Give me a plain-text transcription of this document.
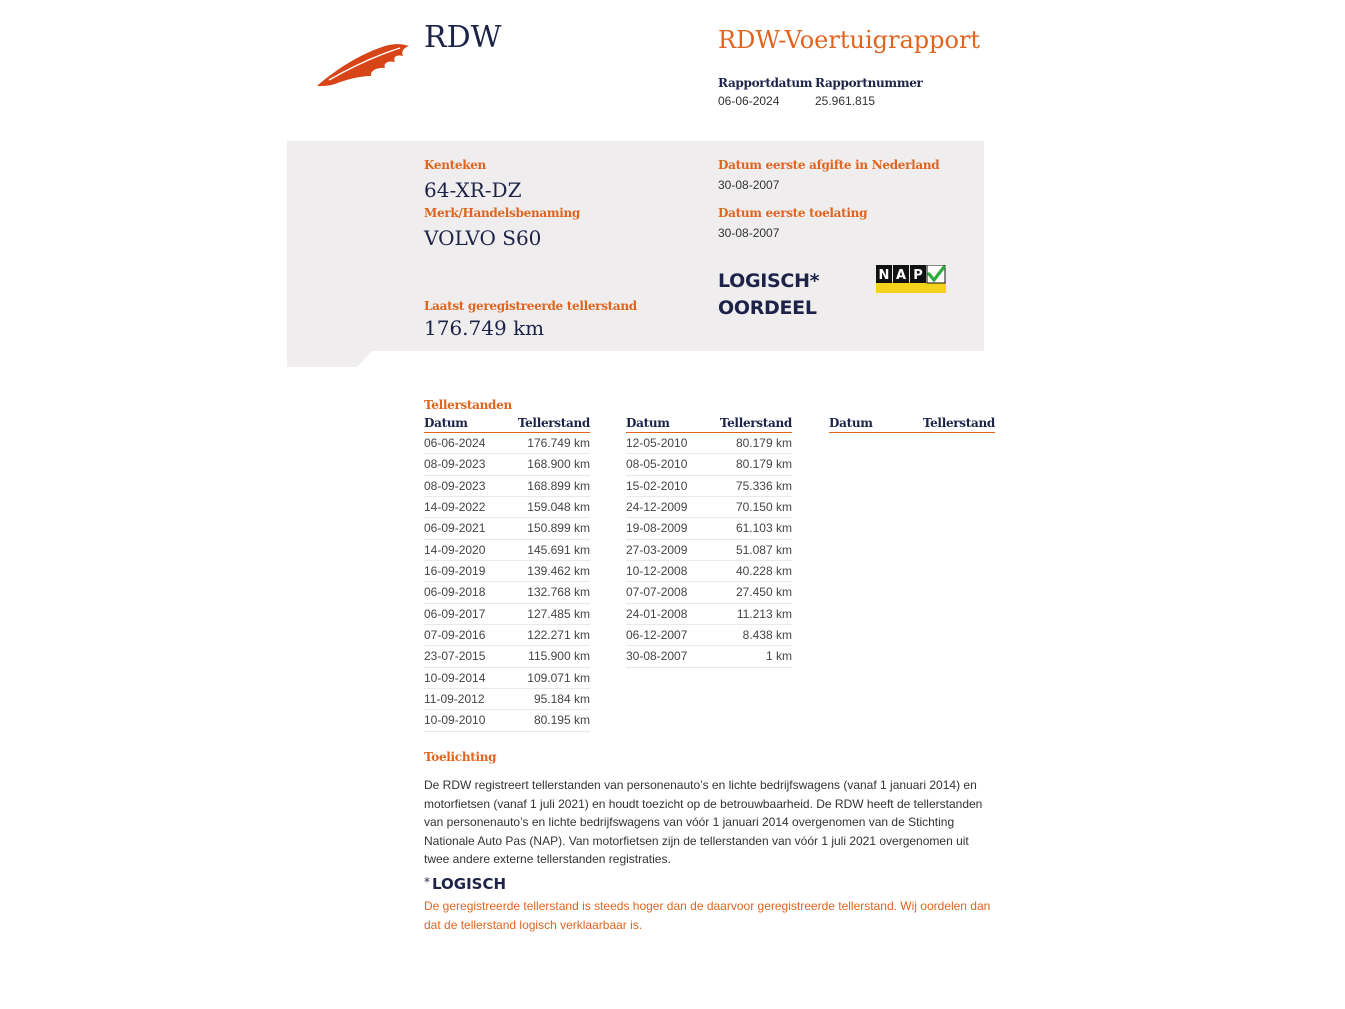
RDW	RDW-Voertuigrapport
Rapportdatum
06-06-2024
Rapportnummer
25.961.815
Kenteken
64-XR-DZ
Merk/Handelsbenaming
VOLVO S60
Laatst geregistreerde tellerstand
176.749 km
Datum eerste afgifte in Nederland
30-08-2007
Datum eerste toelating
30-08-2007
LOGISCH*
OORDEEL
N A P
Tellerstanden
Datum	Tellerstand
06-06-2024	176.749 km
08-09-2023	168.900 km
08-09-2023	168.899 km
14-09-2022	159.048 km
06-09-2021	150.899 km
14-09-2020	145.691 km
16-09-2019	139.462 km
06-09-2018	132.768 km
06-09-2017	127.485 km
07-09-2016	122.271 km
23-07-2015	115.900 km
10-09-2014	109.071 km
11-09-2012	95.184 km
10-09-2010	80.195 km
Datum	Tellerstand
12-05-2010	80.179 km
08-05-2010	80.179 km
15-02-2010	75.336 km
24-12-2009	70.150 km
19-08-2009	61.103 km
27-03-2009	51.087 km
10-12-2008	40.228 km
07-07-2008	27.450 km
24-01-2008	11.213 km
06-12-2007	8.438 km
30-08-2007	1 km
Datum	Tellerstand
Toelichting
De RDW registreert tellerstanden van personenauto’s en lichte bedrijfswagens (vanaf 1 januari 2014) en motorfietsen (vanaf 1 juli 2021) en houdt toezicht op de betrouwbaarheid. De RDW heeft de tellerstanden van personenauto’s en lichte bedrijfswagens van vóór 1 januari 2014 overgenomen van de Stichting Nationale Auto Pas (NAP). Van motorfietsen zijn de tellerstanden van vóór 1 juli 2021 overgenomen uit twee andere externe tellerstanden registraties.
* LOGISCH
De geregistreerde tellerstand is steeds hoger dan de daarvoor geregistreerde tellerstand. Wij oordelen dan dat de tellerstand logisch verklaarbaar is.
